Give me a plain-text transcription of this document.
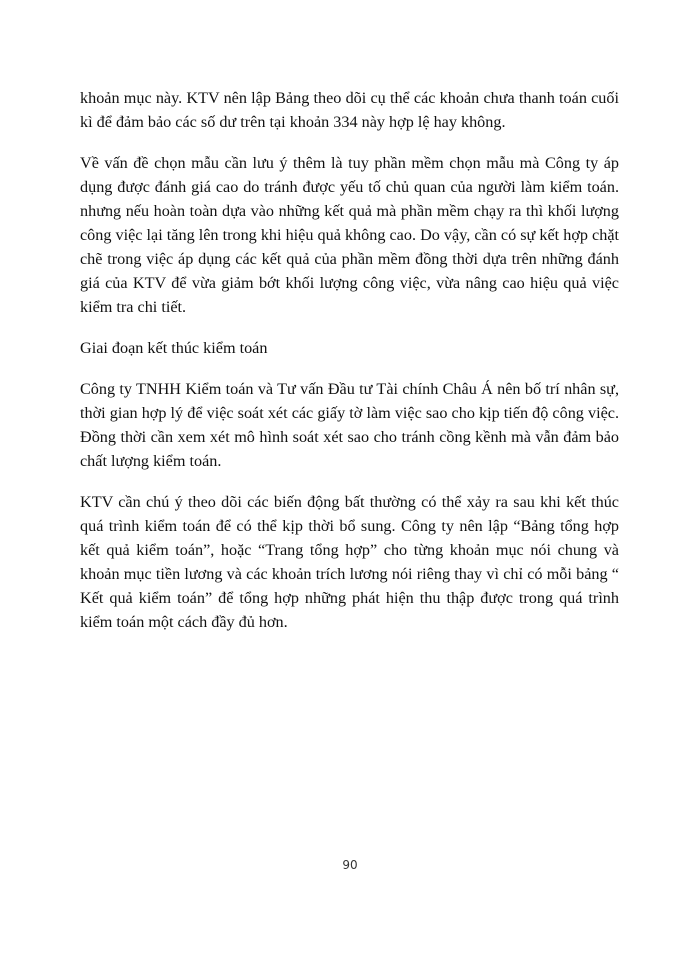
khoản mục này. KTV nên lập Bảng theo dõi cụ thể các khoản chưa thanh toán cuối kì để đảm bảo các số dư trên tại khoản 334 này hợp lệ hay không.

Về vấn đề chọn mẫu cần lưu ý thêm là tuy phần mềm chọn mẫu mà Công ty áp dụng được đánh giá cao do tránh được yếu tố chủ quan của người làm kiểm toán. nhưng nếu hoàn toàn dựa vào những kết quả mà phần mềm chạy ra thì khối lượng công việc lại tăng lên trong khi hiệu quả không cao. Do vậy, cần có sự kết hợp chặt chẽ trong việc áp dụng các kết quả của phần mềm đồng thời dựa trên những đánh giá của KTV để vừa giảm bớt khối lượng công việc, vừa nâng cao hiệu quả việc kiểm tra chi tiết.

Giai đoạn kết thúc kiểm toán

Công ty TNHH Kiểm toán và Tư vấn Đầu tư Tài chính Châu Á nên bố trí nhân sự, thời gian hợp lý để việc soát xét các giấy tờ làm việc sao cho kịp tiến độ công việc. Đồng thời cần xem xét mô hình soát xét sao cho tránh cồng kềnh mà vẫn đảm bảo chất lượng kiểm toán.

KTV cần chú ý theo dõi các biến động bất thường có thể xảy ra sau khi kết thúc quá trình kiểm toán để có thể kịp thời bổ sung. Công ty nên lập “Bảng tổng hợp kết quả kiểm toán”, hoặc “Trang tổng hợp” cho từng khoản mục nói chung và khoản mục tiền lương và các khoản trích lương nói riêng thay vì chỉ có mỗi bảng “ Kết quả kiểm toán” để tổng hợp những phát hiện thu thập được trong quá trình kiểm toán một cách đầy đủ hơn.

90
